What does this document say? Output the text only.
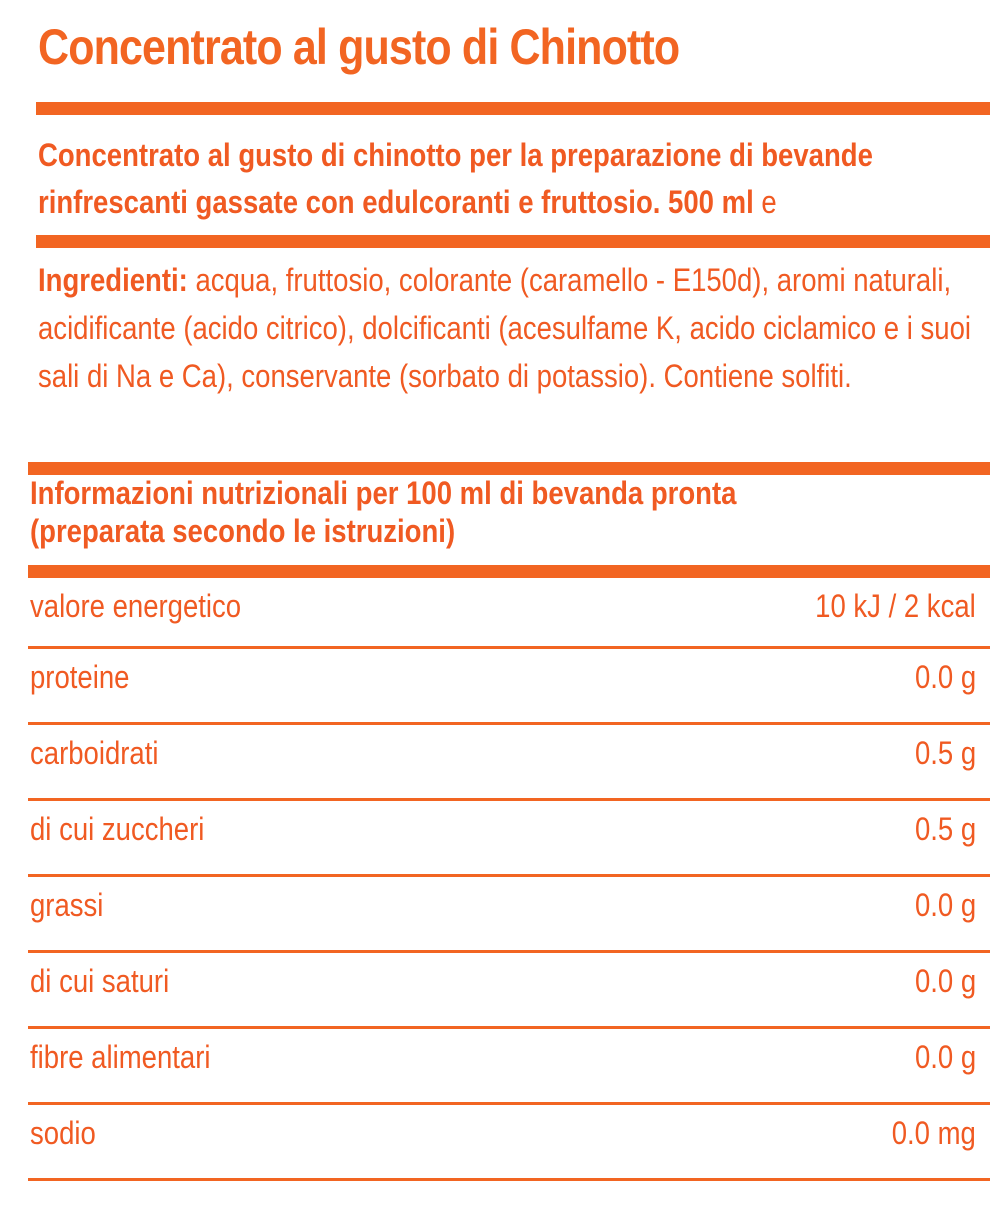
Concentrato al gusto di Chinotto

Concentrato al gusto di chinotto per la preparazione di bevande rinfrescanti gassate con edulcoranti e fruttosio. 500 ml e

Ingredienti: acqua, fruttosio, colorante (caramello - E150d), aromi naturali, acidificante (acido citrico), dolcificanti (acesulfame K, acido ciclamico e i suoi sali di Na e Ca), conservante (sorbato di potassio). Contiene solfiti.

Informazioni nutrizionali per 100 ml di bevanda pronta
(preparata secondo le istruzioni)
valore energetico	10 kJ / 2 kcal
proteine	0.0 g
carboidrati	0.5 g
di cui zuccheri	0.5 g
grassi	0.0 g
di cui saturi	0.0 g
fibre alimentari	0.0 g
sodio	0.0 mg
